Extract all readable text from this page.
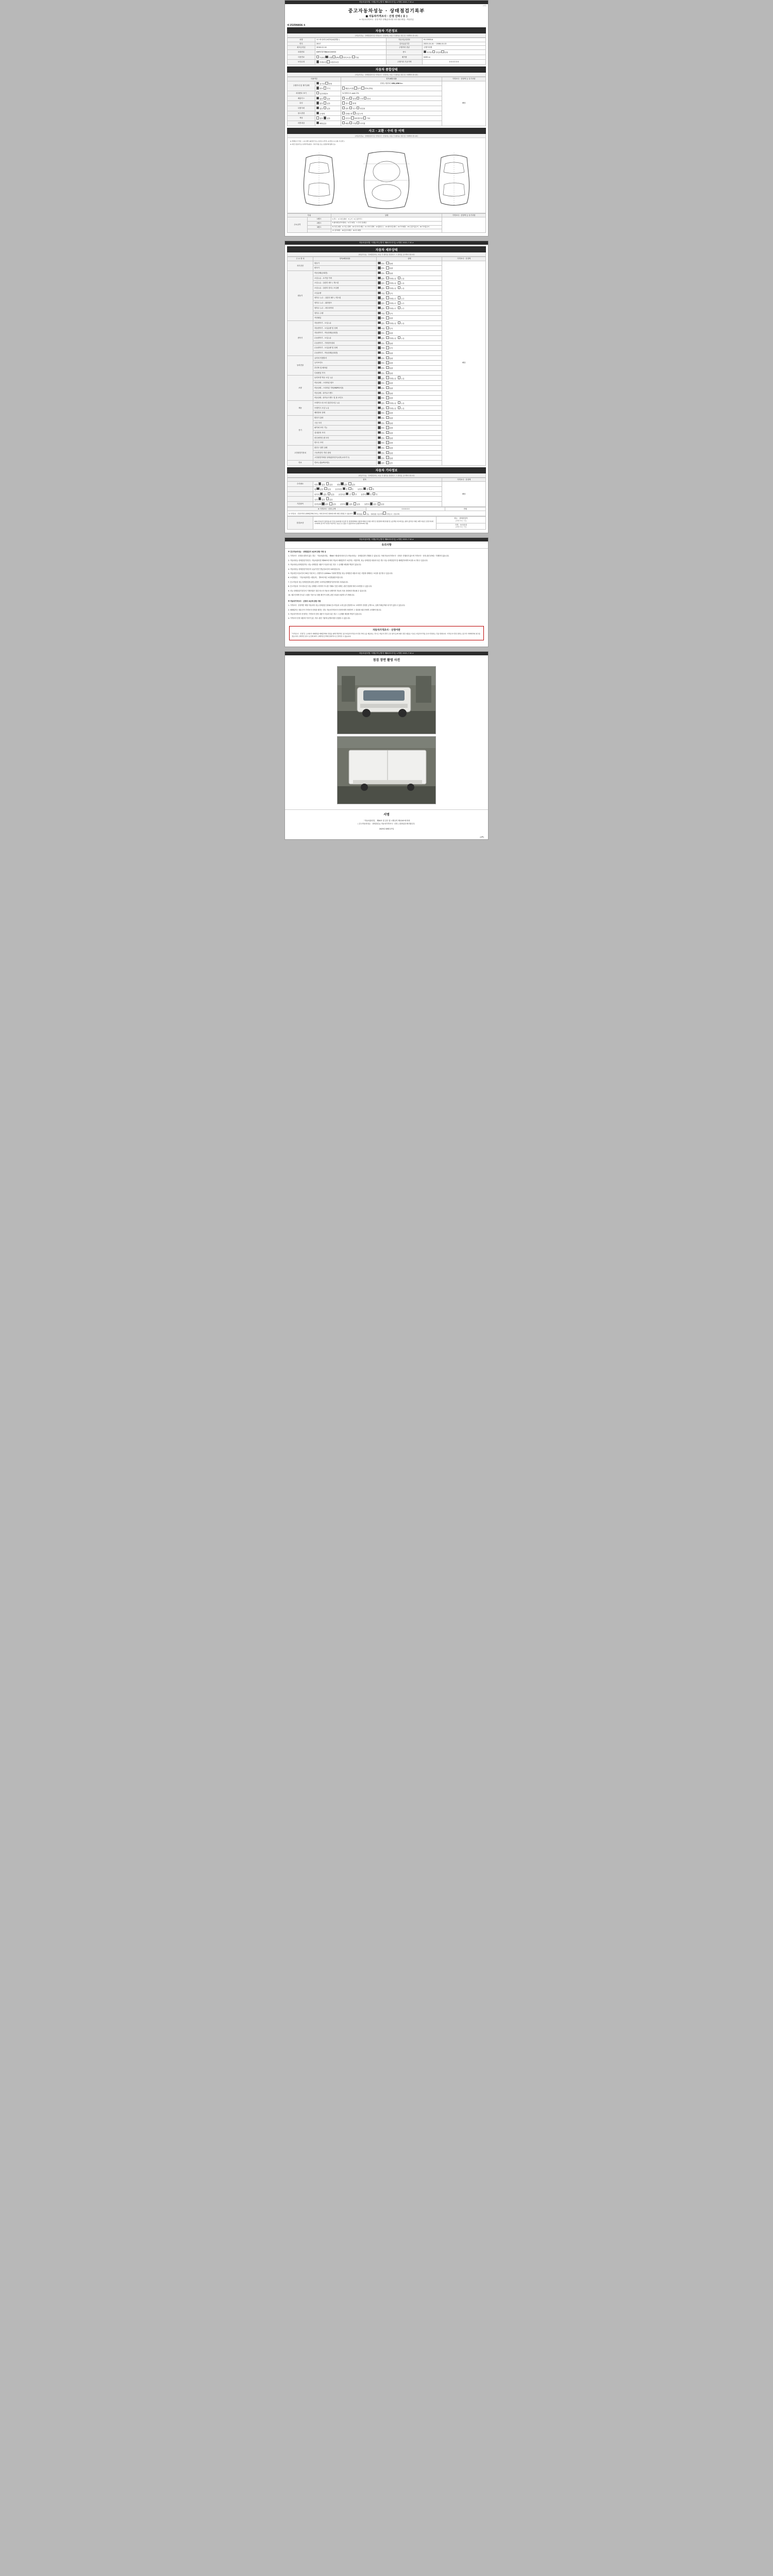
자동차관리법 시행규칙 [별지 제82호서식] <개정 2021.7.6.>
(3쪽)
중고자동차성능 · 상태점검기록부
■ 자동차가격조사 · 산정 선택 ( 유 )
※ 자동차가격조사 · 산정 여부 선택(유의사항 1번 내용 확인) : 색상부분
제 252506926 호
자동차 기본정보
(자동차성능 · 상태점검자 및 가격조사 · 산정자는 다음 각 항목을 점검 및 기재해야 합니다)
차명	포스바 솔리나4단마(4위생물 )	자동차등록번호	91시95514
연식	2017	검사유효기간	2023-10-14 ~ 2008-10-13
최초등록일	2016-12-14	주행거리 종류	주행거리계
차대번호	KMFSTZ7BBAH136935	용도	자가용 영업용 관용
사용연료	가솔린 디젤 LPG 하이브리드 기타	배기량	0430 cc
보증유형	자체보증 보험사보증	주행거리 기준가액	0 0 0 0 0 0
자동차 종합상태
(자동차성능 · 상태점검자 및 가격조사 · 산정자는 다음 각 항목을 점검 및 기재해야 합니다)
사용여부		항목/해당내용	가격조사 · 산정액 등 특기사항
주행거리 및 계기상태	실거리 변경	현재 주행거리 152,156 Km	해당
	양호 부식	훼손(오염) 상이 변조(변타)	
차대번호 표기	일산화탄소	% 탄화수소 ppm 2%	
배출가스	없음 있음	적법 불법 구조 장치	
튜닝	없음 있음	침수 화재	
특별이력	없음 있음	렌트 리스 영업용	
용도변경	무채색	전체도색 부분도색	
색상	없음 있음	선루프 네비게이션 기타	
리콜대상	해당없음	해당 이행 미이행	
사고 · 교환 · 수리 등 이력
(자동차성능 · 상태점검자 및 가격조사 · 산정자는 다음 각 항목을 점검 및 기재해야 합니다)
※ 상태표시 부호 : ( X:교환, W:판금 또는 용접, C:부식, A:흠집, U:요철, T:손상 )
※ 하단 앞유리 등 유리부식(침수, 기타 부품 또는 용접부재 항목 등)
부위		상태	가격조사 · 산정액 등 특기사항
주요골격	1랭크	1.후드 2.프론트휀더 3.도어 4.트렁크리드	
	2랭크	5.쿼터패널(리어휀더) 6.루프패널 7.사이드실패널	
	3랭크	8.프론트패널 9.크로스멤버 10.인사이드패널 11.사이드멤버 12.휠하우스 13.패키지트레이 14.리어패널 15.트렁크플로어 16.리어플로어	
		17.필러패널 18.플로어패널 19.대시패널	
자동차관리법 시행규칙 [별지 제82호서식] <개정 2021.7.6.>
자동차 세부상태
(자동차성능 · 상태점검자는 다음 각 항목을 점검하고 그 결과를 표시해야 합니다)
주 요 장 치	항목/해당내용	상태	가격조사 · 산정액
자기진단	원동기	양호 불량	해당
	변속기	양호 불량	
원동기	작동상태(공회전)	양호 불량	
	오일누유 - 로커암 커버	없음 미세누유 누유	
	오일누유 - 실린더 헤드 / 개스킷	없음 미세누유 누유	
	오일누유 - 실린더 블록 / 오일팬	없음 미세누유 누유	
	오일유량	적정 부족	
	냉각수 누수 - 실린더 헤드 / 개스킷	없음 미세누수 누수	
	냉각수 누수 - 워터펌프	없음 미세누수 누수	
	냉각수 누수 - 라디에이터	없음 미세누수 누수	
	냉각수 수량	적정 부족	
	커먼레일	양호 불량	
변속기	자동변속기 - 오일누유	없음 미세누유 누유	
	자동변속기 - 오일유량 및 상태	적정 부족	
	자동변속기 - 작동상태(공회전)	양호 불량	
	수동변속기 - 오일누유	없음 미세누유 누유	
	수동변속기 - 기어변속장치	양호 불량	
	수동변속기 - 오일유량 및 상태	적정 부족	
	수동변속기 - 작동상태(공회전)	양호 불량	
동력전달	클러치 어셈블리	양호 불량	
	등속조인트	양호 불량	
	추진축 및 베어링	양호 불량	
	디퍼렌셜 기어	양호 불량	
조향	동력조향 작동 오일 누유	없음 미세누유 누유	
	작동상태 - 스티어링 펌프	양호 불량	
	작동상태 - 스티어링 기어(MDPS포함)	양호 불량	
	작동상태 - 타이로드엔드	양호 불량	
	작동상태 - 타이로드엔드 및 볼 조인트	양호 불량	
제동	브레이크 마스터 실린더오일 누유	없음 미세누유 누유	
	브레이크 오일 누유	없음 미세누유 누유	
	배력장치 상태	양호 불량	
전기	발전기 출력	양호 불량	
	시동 모터	양호 불량	
	와이퍼 모터 기능	양호 불량	
	실내송풍 모터	양호 불량	
	라디에이터 팬 모터	양호 불량	
	윈도우 모터	양호 불량	
고전원전기장치	충전구 절연 상태	양호 불량	
	구동축전지 격리 상태	양호 불량	
	고전원전기배선 상태(접속단자,피복,보호기구)	양호 불량	
연료	연료누설(LPG포함)	없음 있음	
자동차 기타정보
(자동차성능 · 상태점검자는 다음 각 항목을 점검하고 그 결과를 표시해야 합니다)
항목		가격조사 · 산정액
수리필요	외장 없음 있음 내장 없음 있음	해당
	휠 없음 있음 운전석전 전 후 동반석 전 후	
	타이어 없음 있음 운전석전 전 후 동반석 전 후	
	유리 없음 있음	
기본품목	한경상태 없음 있음 운전석 없음 있음 동반석 없음 있음	
※ 가격조사 · 산정 금액	0 0 0 0 0	만원
※ 가격조사 · 산정가격과 실매매금액의 차이는 거래 당사자간 합의에 따라 최종 결정될 수 있습니다.	해당없음	성능 · 상태점검 기준가액	가격조사 · 산정가액
점검/보증	PDF/기록/문서 불러옵니다 안내 유의사항 미포함 및 점검결과와의 미설정사항표기사항 교환 및 점검결과 확인사항 및 보증책임 비교에 있는 항목 불투명 기재은 제작 비롯은 검검기록에 서비자의 중고차 특성상 부분적인 성능은 운 있을 수 있습니다(나요항목3119) 내용	
성능 · 상태점검자
(서명 또는 인)

가격 · 조사산정
(서명 또는 인)
자동차관리법 시행규칙 [별지 제82호서식] <개정 2021.7.6.>
유의사항

※ 중고자동차성능 · 상태점검의 보증에 관한 사항 등

1. 가격조사 · 산정을 원하지 않는 경우 「자동차관리법」 제58조 제1항에 따라 중고자동차성능 · 상태점검만 진행할 수 있습니다. 이때 자동차가격조사 · 산정은 진행되지 않으며 가격조사 · 산정 관련 란에는 기재하지 않습니다.

2. 자동차성능·상태점검기록부는 자동차관리법 제58조에 따라 자동차 매매업자가 보증하는 사항이며, 성능·상태점검 내용과 다른 경우 성능·상태점검자 및 매매업자에게 보상을 요구할 수 있습니다.

3. 자동차성능상태점검자는 성능·상태점검 내용이 사실과 다른 경우 그 손해를 배상할 책임이 있습니다.

4. 자동차성능·상태점검기록부의 유효기간은 발급일로부터 120일입니다.

5. 자동차인도일로부터 30일 이내 또는 주행거리 2,000km 이내에 발견된 성능·상태점검 내용과 다른 사항에 대해서는 보상을 청구할 수 있습니다.

6. 보증범위는 「자동차관리법 시행규칙」 별표에 따른 보증범위를 따릅니다.

7. 중고자동차 성능·상태점검에 관한 분쟁은 소비자분쟁해결기준에 따라 처리됩니다.

8. 중고자동차 구조·장치 중 성능·상태를 고지하지 아니한 거래로 인한 피해는 관련 법령에 따라 보호받을 수 있습니다.

9. 성능·상태점검기록부의 기재사항은 점검 당시의 자동차 상태이며 자동차 사용 과정에서 변동될 수 있습니다.

10. 매수인에게 인도된 시점을 기준으로 열람 확인이 되며, 관련 서류를 보관하시기 바랍니다.

※ 자동차가격조사 · 산정의 보증에 관한 사항

1. 가격조사 · 산정액은 해당 자동차의 성능·상태점검 결과와 중고자동차 시세 등을 종합적으로 고려하여 산정한 금액으로, 실제 거래금액과 차이가 있을 수 있습니다.

2. 매매업자는 매수인이 가격조사·산정을 원하는 경우 자동차가격조사·산정자에게 의뢰하여 그 결과를 매수인에게 고지해야 합니다.

3. 자동차가격조사·산정자는 가격조사·산정 내용이 사실과 다른 경우 그 손해를 배상할 책임이 있습니다.

4. 가격조사·산정 내용에 이의가 있는 경우 관련 기관에 분쟁조정을 신청할 수 있습니다.

자동차가격조사 · 산정이란
"가격조사 · 산정"은 소비자가 매매차량 매매금액의 산정을 위해 객관적인 중고자동차가격조사·산정 서비스를 제공하는 것으로 자동차 관련 구조·장치 등에 대한 점검 내용을 기초로 자동차가격을 조사·산정하는 것을 말합니다. 가격조사·산정 결과는 중고차 거래에서의 참고용 정보이며 구체적인 참고 요인에 따라 구매약정 금액에 결과적으로 달라질 수 있습니다.
자동차관리법 시행규칙 [별지 제82호서식] <개정 2021.7.6.>
점검 장면 촬영 사진
서명
「자동차관리법」 제58조 및 같은 법 시행규칙 제120조에 따라
( 중고자동차성능 · 상태점검 )( 자동차가격조사 · 산정 ) 결과임을 확인합니다.
2025년 08월 27일
(4쪽)
